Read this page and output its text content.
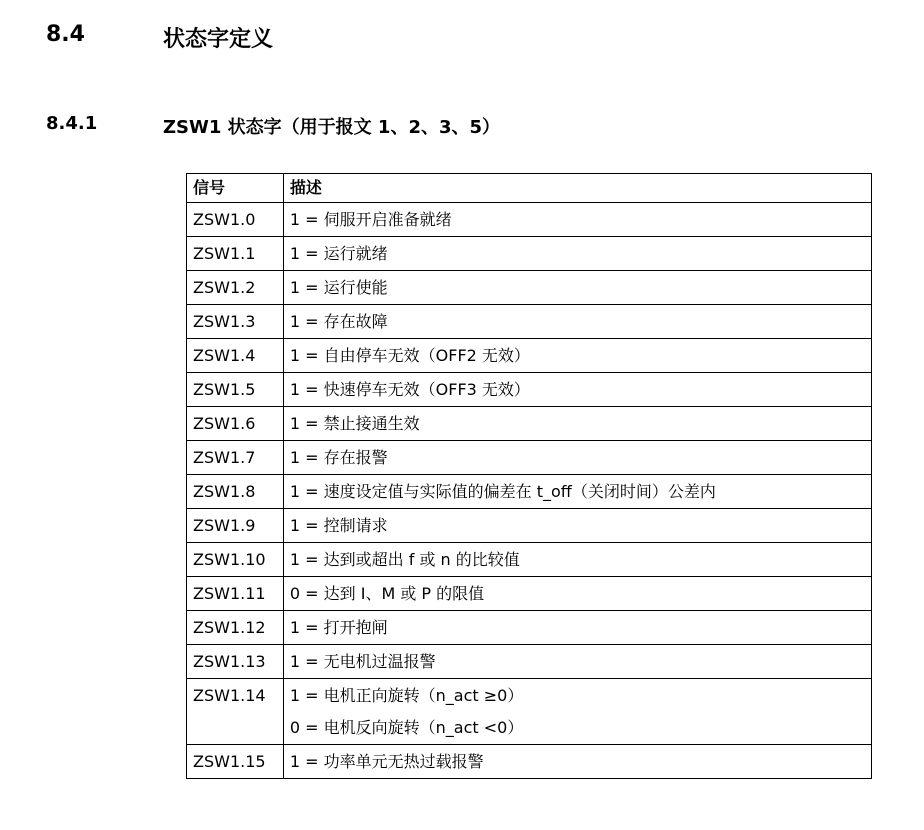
8.4	状态字定义
8.4.1	ZSW1 状态字（用于报文 1、2、3、5）
信号	描述
ZSW1.0	1 = 伺服开启准备就绪
ZSW1.1	1 = 运行就绪
ZSW1.2	1 = 运行使能
ZSW1.3	1 = 存在故障
ZSW1.4	1 = 自由停车无效（OFF2 无效）
ZSW1.5	1 = 快速停车无效（OFF3 无效）
ZSW1.6	1 = 禁止接通生效
ZSW1.7	1 = 存在报警
ZSW1.8	1 = 速度设定值与实际值的偏差在 t_off（关闭时间）公差内
ZSW1.9	1 = 控制请求
ZSW1.10	1 = 达到或超出 f 或 n 的比较值
ZSW1.11	0 = 达到 I、M 或 P 的限值
ZSW1.12	1 = 打开抱闸
ZSW1.13	1 = 无电机过温报警
ZSW1.14	1 = 电机正向旋转（n_act ≥0）
0 = 电机反向旋转（n_act <0）

ZSW1.15	1 = 功率单元无热过载报警
